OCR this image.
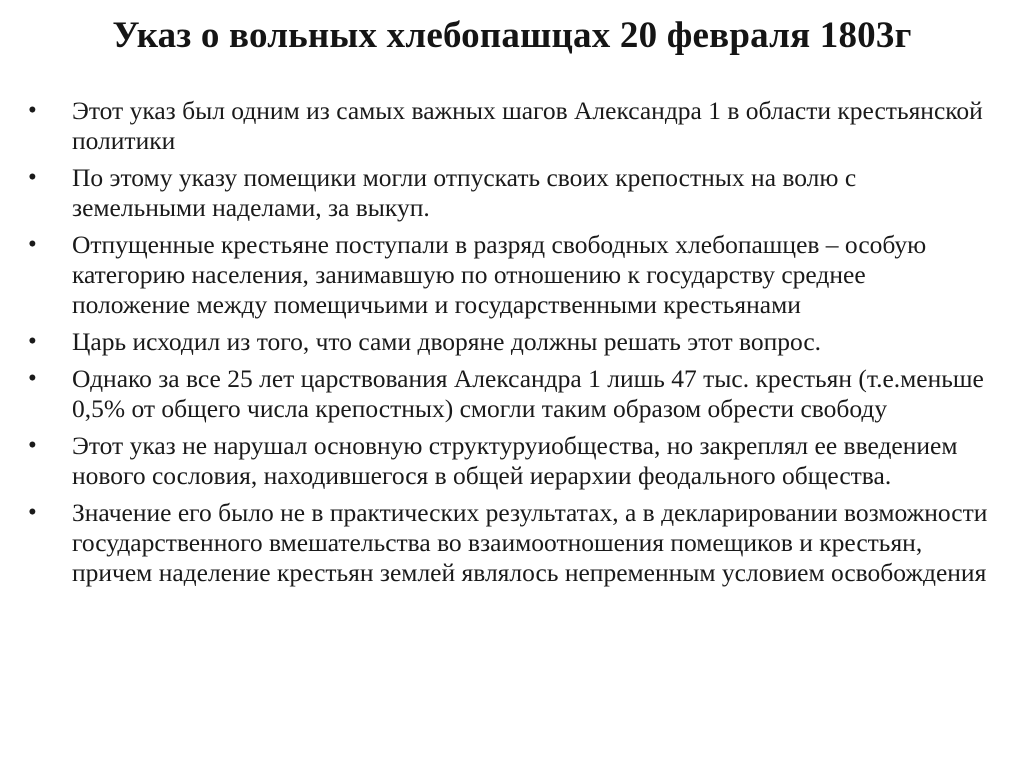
Указ о вольных хлебопашцах 20 февраля 1803г
•	Этот указ был одним из самых важных шагов Александра 1 в области крестьянской политики
•	По этому указу помещики могли отпускать своих крепостных на волю с земельными наделами, за выкуп.
•	Отпущенные крестьяне поступали в разряд свободных хлебопашцев – особую категорию населения, занимавшую по отношению к государству среднее положение между помещичьими и государственными крестьянами
•	Царь исходил из того, что сами дворяне должны решать этот вопрос.
•	Однако за все 25 лет царствования Александра 1 лишь 47 тыс. крестьян (т.е.меньше 0,5% от общего числа крепостных) смогли таким образом обрести свободу
•	Этот указ не нарушал основную структуруиобщества, но закреплял ее введением нового сословия, находившегося в общей иерархии феодального общества.
•	Значение его было не в практических результатах, а в декларировании возможности государственного вмешательства во взаимоотношения помещиков и крестьян, причем наделение крестьян землей являлось непременным условием освобождения
